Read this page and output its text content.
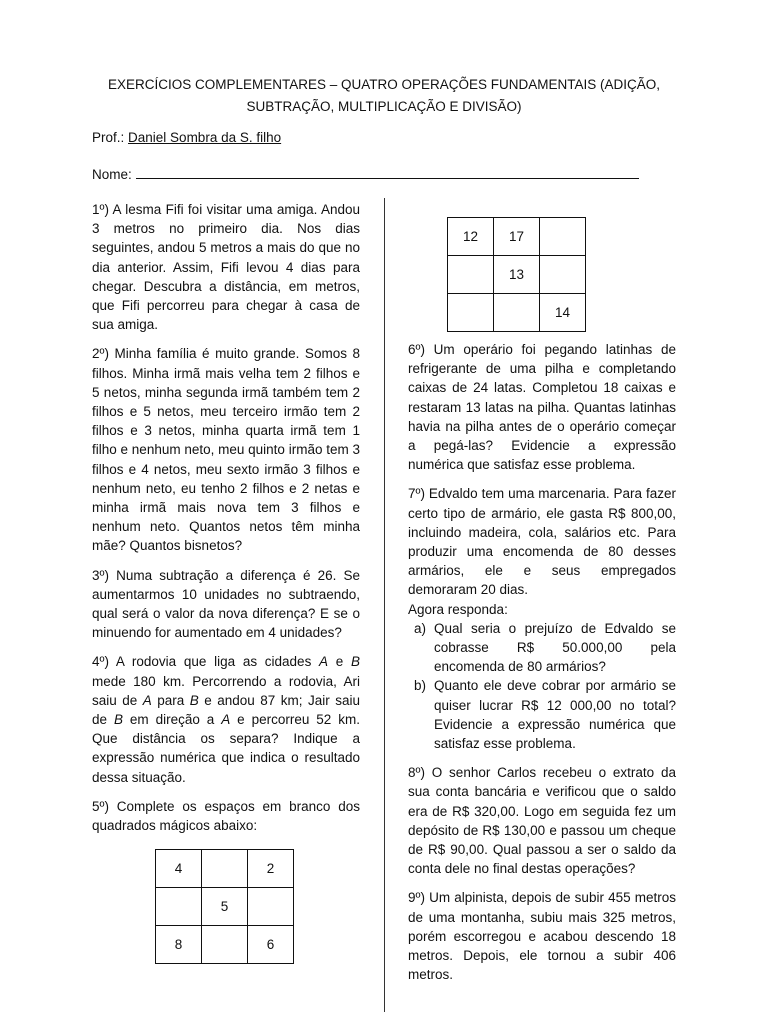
EXERCÍCIOS COMPLEMENTARES – QUATRO OPERAÇÕES FUNDAMENTAIS (ADIÇÃO,
SUBTRAÇÃO, MULTIPLICAÇÃO E DIVISÃO)
Prof.: Daniel Sombra da S. filho
Nome:

1º) A lesma Fifi foi visitar uma amiga. Andou 3 metros no primeiro dia. Nos dias seguintes, andou 5 metros a mais do que no dia anterior. Assim, Fifi levou 4 dias para chegar. Descubra a distância, em metros, que Fifi percorreu para chegar à casa de sua amiga.

2º) Minha família é muito grande. Somos 8 filhos. Minha irmã mais velha tem 2 filhos e 5 netos, minha segunda irmã também tem 2 filhos e 5 netos, meu terceiro irmão tem 2 filhos e 3 netos, minha quarta irmã tem 1 filho e nenhum neto, meu quinto irmão tem 3 filhos e 4 netos, meu sexto irmão 3 filhos e nenhum neto, eu tenho 2 filhos e 2 netas e minha irmã mais nova tem 3 filhos e nenhum neto. Quantos netos têm minha mãe? Quantos bisnetos?

3º) Numa subtração a diferença é 26. Se aumentarmos 10 unidades no subtraendo, qual será o valor da nova diferença? E se o minuendo for aumentado em 4 unidades?

4º) A rodovia que liga as cidades A e B mede 180 km. Percorrendo a rodovia, Ari saiu de A para B e andou 87 km; Jair saiu de B em direção a A e percorreu 52 km. Que distância os separa? Indique a expressão numérica que indica o resultado dessa situação.

5º) Complete os espaços em branco dos quadrados mágicos abaixo:

4		2
	5	
8		6
12	17	
	13	
		14

6º) Um operário foi pegando latinhas de refrigerante de uma pilha e completando caixas de 24 latas. Completou 18 caixas e restaram 13 latas na pilha. Quantas latinhas havia na pilha antes de o operário começar a pegá-las? Evidencie a expressão numérica que satisfaz esse problema.

7º) Edvaldo tem uma marcenaria. Para fazer certo tipo de armário, ele gasta R$ 800,00, incluindo madeira, cola, salários etc. Para produzir uma encomenda de 80 desses armários, ele e seus empregados demoraram 20 dias.

Agora responda:

a) Qual seria o prejuízo de Edvaldo se cobrasse R$ 50.000,00 pela encomenda de 80 armários?

b) Quanto ele deve cobrar por armário se quiser lucrar R$ 12 000,00 no total? Evidencie a expressão numérica que satisfaz esse problema.

8º) O senhor Carlos recebeu o extrato da sua conta bancária e verificou que o saldo era de R$ 320,00. Logo em seguida fez um depósito de R$ 130,00 e passou um cheque de R$ 90,00. Qual passou a ser o saldo da conta dele no final destas operações?

9º) Um alpinista, depois de subir 455 metros de uma montanha, subiu mais 325 metros, porém escorregou e acabou descendo 18 metros. Depois, ele tornou a subir 406 metros.
